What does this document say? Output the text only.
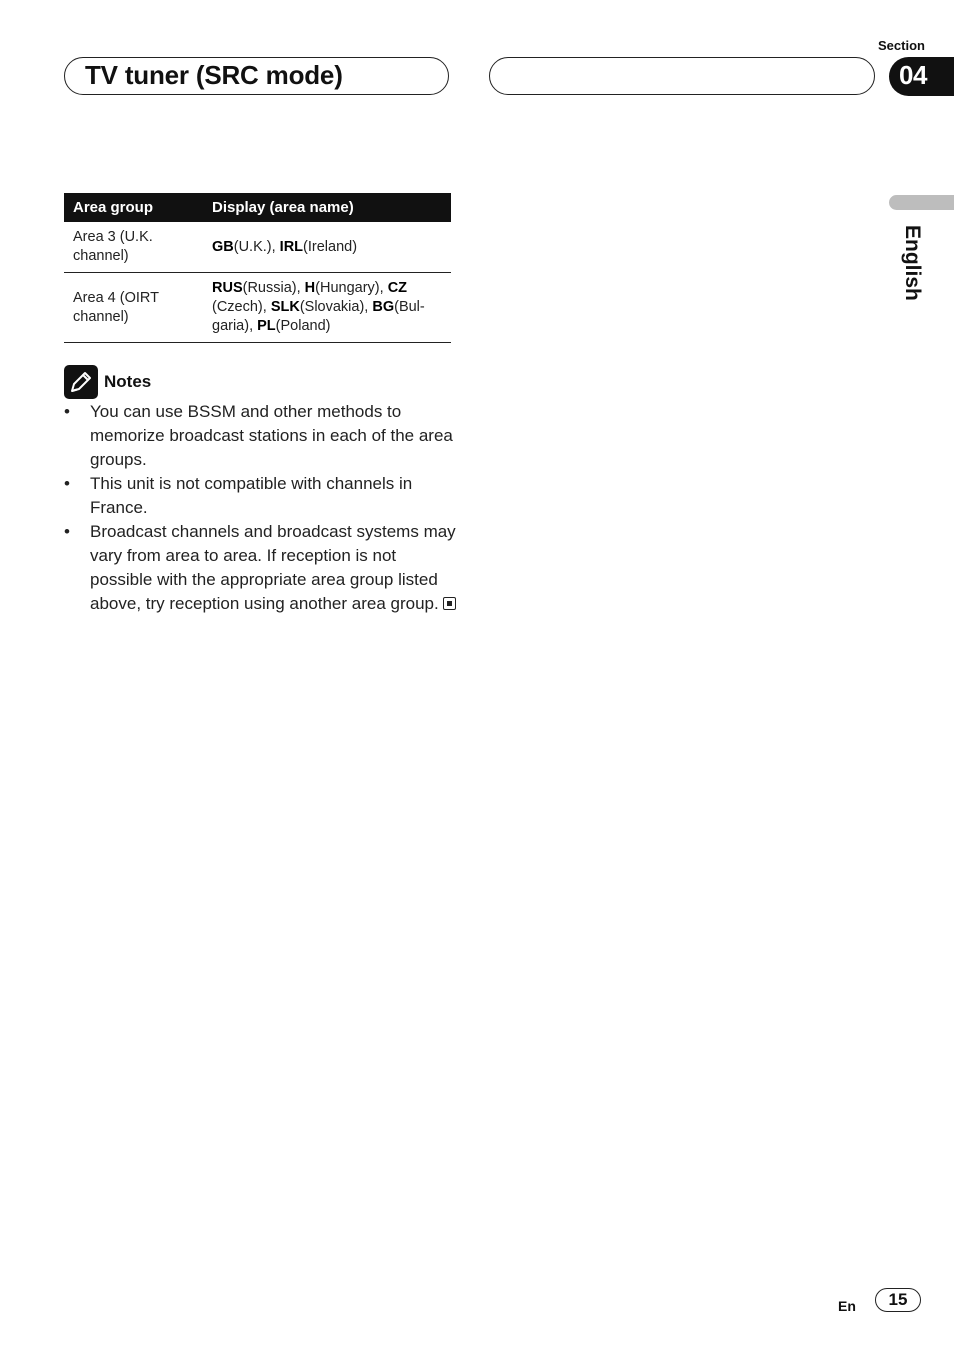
TV tuner (SRC mode)
Section
04
English
Area group	Display (area name)
Area 3 (U.K. channel)	GB(U.K.), IRL(Ireland)
Area 4 (OIRT channel)	RUS(Russia), H(Hungary), CZ
(Czech), SLK(Slovakia), BG(Bul-garia), PL(Poland)
Notes
• You can use BSSM and other methods to memorize broadcast stations in each of the area groups.
• This unit is not compatible with channels in France.
• Broadcast channels and broadcast systems may vary from area to area. If reception is not possible with the appropriate area group listed above, try reception using another area group.
En	15
